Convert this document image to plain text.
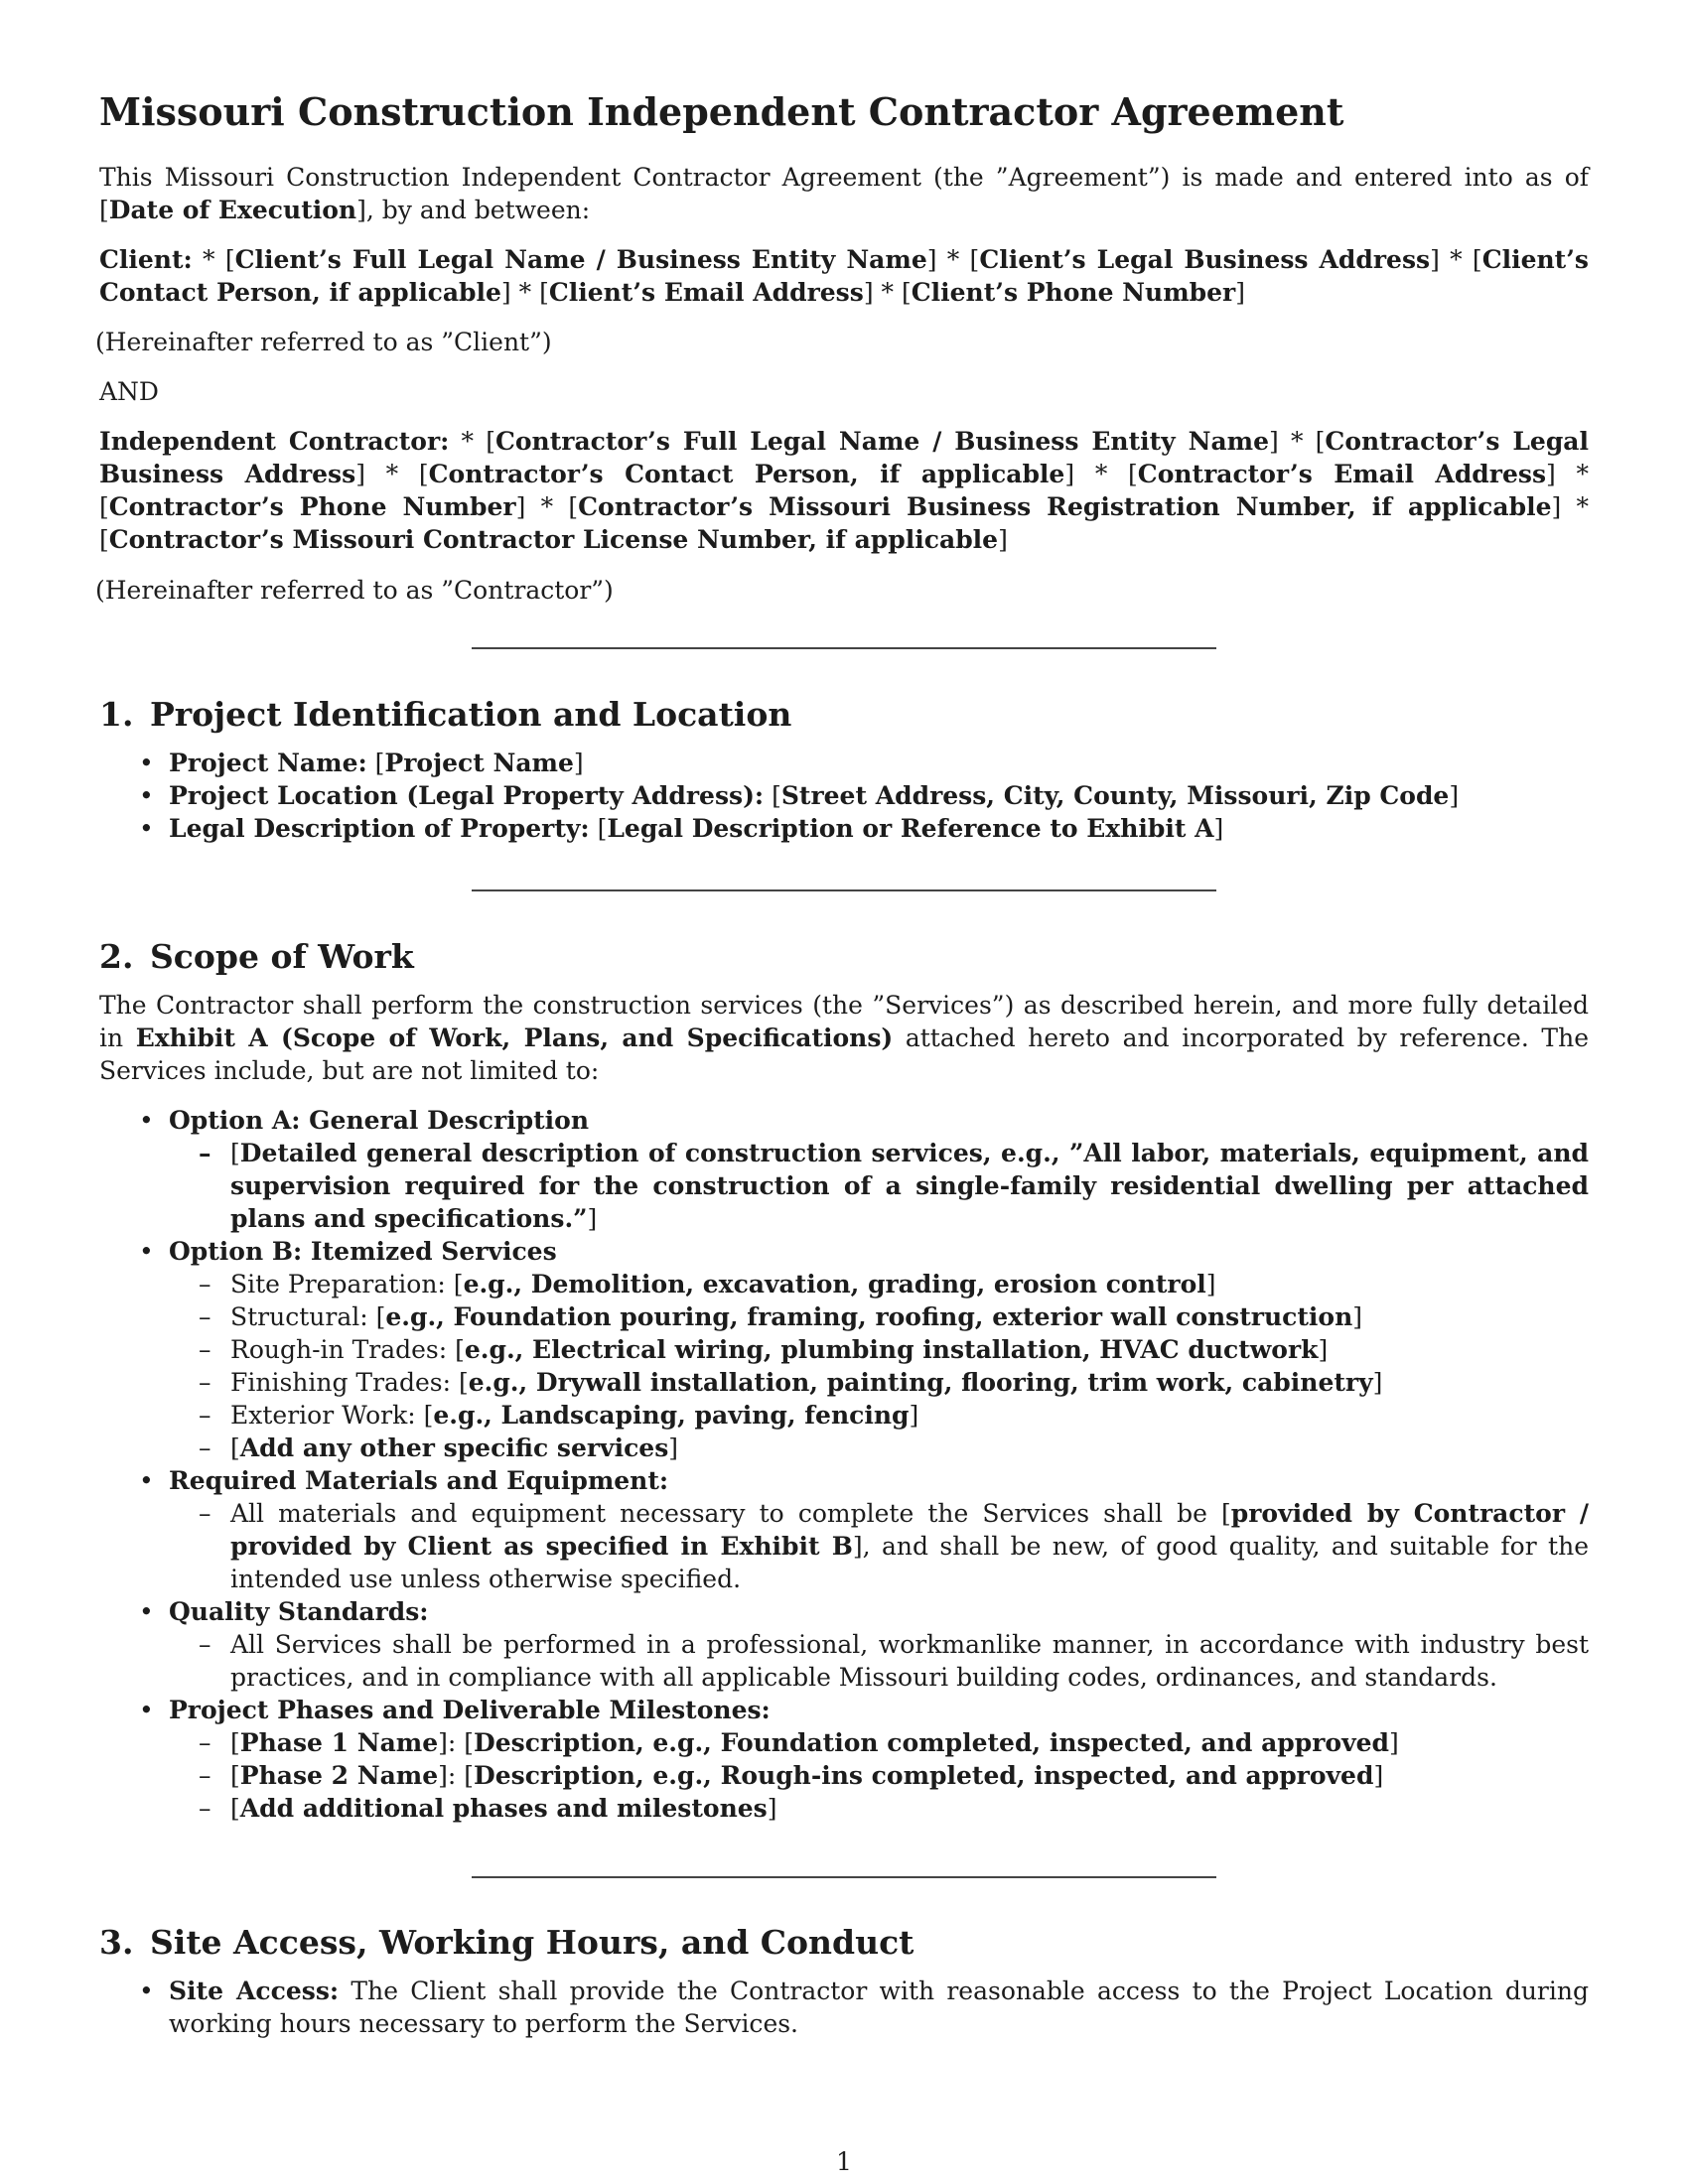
Missouri Construction Independent Contractor Agreement

This Missouri Construction Independent Contractor Agreement (the ”Agreement”) is made and entered into as of [Date of Execution], by and between:

Client: * [Client’s Full Legal Name / Business Entity Name] * [Client’s Legal Business Address] * [Client’s Contact Person, if applicable] * [Client’s Email Address] * [Client’s Phone Number]

(Hereinafter referred to as ”Client”)

AND

Independent Contractor: * [Contractor’s Full Legal Name / Business Entity Name] * [Contractor’s Legal Business Address] * [Contractor’s Contact Person, if applicable] * [Contractor’s Email Address] * [Contractor’s Phone Number] * [Contractor’s Missouri Business Registration Number, if applicable] * [Contractor’s Missouri Contractor License Number, if applicable]

(Hereinafter referred to as ”Contractor”)

1. Project Identification and Location
• Project Name: [Project Name]
• Project Location (Legal Property Address): [Street Address, City, County, Missouri, Zip Code]
• Legal Description of Property: [Legal Description or Reference to Exhibit A]
2. Scope of Work

The Contractor shall perform the construction services (the ”Services”) as described herein, and more fully detailed in Exhibit A (Scope of Work, Plans, and Specifications) attached hereto and incorporated by reference. The Services include, but are not limited to:

• Option A: General Description
– [Detailed general description of construction services, e.g., ”All labor, materials, equipment, and supervision required for the construction of a single-family residential dwelling per attached plans and specifications.”]
• Option B: Itemized Services
– Site Preparation: [e.g., Demolition, excavation, grading, erosion control]
– Structural: [e.g., Foundation pouring, framing, roofing, exterior wall construction]
– Rough-in Trades: [e.g., Electrical wiring, plumbing installation, HVAC ductwork]
– Finishing Trades: [e.g., Drywall installation, painting, flooring, trim work, cabinetry]
– Exterior Work: [e.g., Landscaping, paving, fencing]
– [Add any other specific services]
• Required Materials and Equipment:
– All materials and equipment necessary to complete the Services shall be [provided by Contractor / provided by Client as specified in Exhibit B], and shall be new, of good quality, and suitable for the intended use unless otherwise specified.
• Quality Standards:
– All Services shall be performed in a professional, workmanlike manner, in accordance with industry best practices, and in compliance with all applicable Missouri building codes, ordinances, and standards.
• Project Phases and Deliverable Milestones:
– [Phase 1 Name]: [Description, e.g., Foundation completed, inspected, and approved]
– [Phase 2 Name]: [Description, e.g., Rough-ins completed, inspected, and approved]
– [Add additional phases and milestones]
3. Site Access, Working Hours, and Conduct
• Site Access: The Client shall provide the Contractor with reasonable access to the Project Location during working hours necessary to perform the Services.
1
